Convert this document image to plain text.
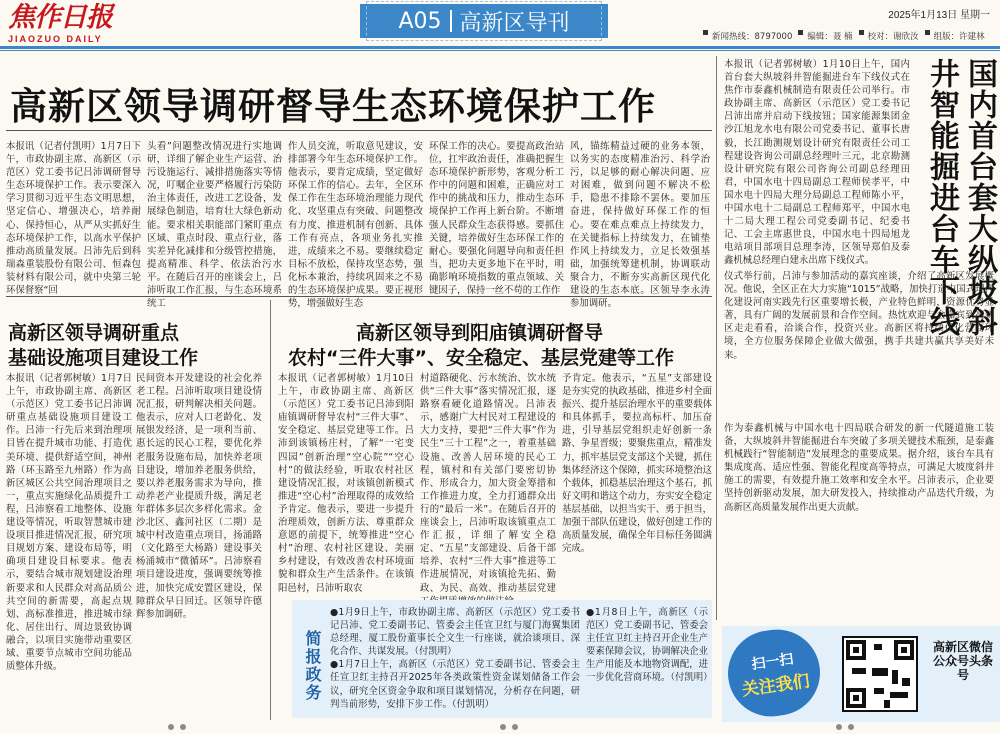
焦作日报
JIAOZUO DAILY
A05 高新区导刊	2025年1月13日 星期一
新闻热线：8797000 编辑：聂 楠 校对：谢欣汝 组版：许建林
高新区领导调研督导生态环境保护工作
本报讯（记者付凯明）1月7日下午，市政协副主席、高新区（示范区）党工委书记吕沛调研督导生态环境保护工作。表示要深入学习贯彻习近平生态文明思想，坚定信心、增强决心，培养耐心、保持恒心，从严从实抓好生态环境保护工作，以高水平保护推动高质量发展。吕沛先后到科瑞森重装股份有限公司、恒森包装材料有限公司，就中央第三轮环保督察“回
头看”问题整改情况进行实地调研，详细了解企业生产运营、治污设施运行、减排措施落实等情况，叮嘱企业要严格履行污染防治主体责任，改进工艺设备，发展绿色制造，培育壮大绿色新动能。要求相关职能部门紧盯重点区域、重点时段、重点行业，落实差异化减排和分级管控措施，提高精准、科学、依法治污水平。在随后召开的座谈会上，吕沛听取工作汇报，与生态环境系统工
作人员交流，听取意见建议，安排部署今年生态环境保护工作。他表示，要肯定成绩，坚定做好环保工作的信心。去年，全区环保工作在生态环境治理能力现代化、攻坚重点有突破、问题整改有力度、推进机制有创新、具体工作有亮点，各项业务扎实推进，成绩来之不易。要继续稳定目标不放松，保持攻坚态势，强化标本兼治，持续巩固来之不易的生态环境保护成果。要正视形势，增强做好生态
环保工作的决心。要提高政治站位，扛牢政治责任，准确把握生态环境保护新形势，客观分析工作中的问题和困难，正确应对工作中的挑战和压力，推动生态环境保护工作再上新台阶。不断增强人民群众生态获得感。要抓住关键，培养做好生态环保工作的耐心。要强化问题导向和责任担当，把功夫更多地下在平时，明确影响环境指数的重点领域、关键因子，保持一丝不苟的工作作
风，锚练精益过硬的业务本领，以务实的态度精准治污、科学治污，以足够的耐心解决问题、应对困难，做到问题不解决不松手，隐患不排除不罢休。要加压奋进，保持做好环保工作的恒心。要在难点难点上持续发力，在关键指标上持续发力，在铺垫作风上持续发力，立足长效强基础，加强统筹建机制，协调联动聚合力，不断夯实高新区现代化建设的生态本底。区领导李永涛参加调研。
本报讯（记者郭树敏）1月10日上午，国内首台套大纵坡斜井智能掘进台车下线仪式在焦作市泰鑫机械制造有限责任公司举行。市政协副主席、高新区（示范区）党工委书记吕沛出席并启动下线按钮；国家能源集团金沙江旭龙水电有限公司党委书记、董事长唐毅，长江勘测规划设计研究有限责任公司工程建设咨询公司副总经理叶三元，北京勘测设计研究院有限公司咨询公司副总经理田君，中国水电十四局副总工程师侯孝平，中国水电十四局大理分局副总工程师陈小平，中国水电十二局副总工程师郑平，中国水电十二局大理工程公司党委副书记、纪委书记、工会主席惠世良，中国水电十四局旭龙电站项目部项目总理李涛，区领导郑伯及泰鑫机械总经理白建永出席下线仪式。	国内首台套大纵坡斜
井智能掘进台车下线
仪式举行前，吕沛与参加活动的嘉宾座谈，介绍了高新区发展概况。他说，全区正在大力实施“1015”战略，加快打造中国式现代化建设河南实践先行区重要增长极，产业特色鲜明，资源优势显著，具有广阔的发展前景和合作空间。热忱欢迎与会嘉宾到高新区走走看看，洽谈合作，投资兴业。高新区将持续优化营商环境，全方位服务保障企业做大做强，携手共建共赢共享美好未来。
作为泰鑫机械与中国水电十四局联合研发的新一代隧道施工装备，大纵坡斜井智能掘进台车突破了多项关键技术瓶颈，是泰鑫机械践行“智能制造”发展理念的重要成果。据介绍，该台车具有集成度高、适应性强、智能化程度高等特点，可满足大坡度斜井施工的需要，有效提升施工效率和安全水平。吕沛表示，企业要坚持创新驱动发展，加大研发投入，持续推动产品迭代升级，为高新区高质量发展作出更大贡献。
高新区领导调研重点
基础设施项目建设工作
本报讯（记者郭树敏）1月7日上午，市政协副主席、高新区（示范区）党工委书记吕沛调研重点基础设施项目建设工作。吕沛一行先后来到治理项目皆在提升城市功能、打造优美环境、提供舒适空间，神州路（环玉路至九州路）作为高新区城区公共空间治理项目之一，重点实施绿化品质提升工程，吕沛察看工地整体、设施建设等情况，听取智慧城市建设项目推进情况汇报，研究项目规划方案、建设布局等，明确项目建设目标要求。他表示，要结合城市规划建设治理新要求和人民群众对高品质公共空间的新需要，高起点规划、高标准推进，推进城市绿化、居住出行、周边景致协调融合，以项目实施带动重要区域、重要节点城市空间功能品质整体升级。
民间资本开发建设的社会化养老工程。吕沛听取项目建设情况汇报，研判解决相关问题。他表示，应对人口老龄化、发展银发经济，是一项利当前、惠长远的民心工程，要优化养老服务设施布局，加快养老项目建设，增加养老服务供给，要以养老服务需求为导向，推动养老产业提质升级，满足老年群体多层次多样化需求。金沙北区、鑫河社区（二期）是城中村改造重点项目，扬涌路（文化路至大杨路）建设事关杨涌城市“微循环”。吕沛察看项目建设进度，强调要统筹推进，加快完成安置区建设，保障群众早日回迁。区领导许德辉参加调研。
高新区领导到阳庙镇调研督导
农村“三件大事”、安全稳定、基层党建等工作
本报讯（记者郭树敏）1月10日上午，市政协副主席、高新区（示范区）党工委书记吕沛到阳庙镇调研督导农村“三件大事”、安全稳定、基层党建等工作。吕沛到该镇杨庄村，了解“一宅变四园”创新治理“空心院”“空心村”的做法经验，听取农村社区建设情况汇报，对该镇创新模式推进“空心村”治理取得的成效给予肯定。他表示，要进一步提升治理质效，创新方法、尊重群众意愿的前提下，统筹推进“空心村”治理、农村社区建设、美丽乡村建设，有效改善农村环境面貌和群众生产生活条件。在该镇阳邑村，吕沛听取农
村道路硬化、污水统治、饮水统供“三件大事”落实情况汇报，逐路察看硬化道路情况。吕沛表示，感谢广大村民对工程建设的大力支持，要把“三件大事”作为民生“三十工程”之一，着重基础设施、改善人居环境的民心工程，镇村和有关部门要密切协作、形成合力，加大资金筹措和工作推进力度，全力打通群众出行的“最后一米”。在随后召开的座谈会上，吕沛听取该镇重点工作汇报，详细了解安全稳定、“五星”支部建设、后备干部培养、农村“三件大事”推进等工作进展情况，对该镇抢先拓、勤政、为民、高效、推动基层党建
予肯定。他表示，“五星”支部建设是夯实党的执政基础、推进乡村全面振兴、提升基层治理水平的重要载体和具体抓手，要拉高标杆、加压奋进，引导基层党组织走好创新一条路、争星晋级；要聚焦重点，精准发力，抓牢基层党支部这个关键，抓住集体经济这个保障，抓实环境整治这个载体，抓稳基层治理这个基石，抓好文明和谐这个动力，夯实安全稳定基层基础，以担当实干、勇于担当，加强干部队伍建设，做好创建工作的高质量发展，确保全年目标任务圆满完成。
政务
简报
●1月9日上午，市政协副主席、高新区（示范区）党工委书记吕沛、党工委副书记、管委会主任宣卫红与厦门海翼集团总经理、厦工股份董事长仝文生一行座谈，就洽谈项目、深化合作、共谋发展。（付凯明）
●1月7日上午，高新区（示范区）党工委副书记、管委会主任宣卫红主持召开2025年各类政策性资金谋划储备工作会议，研究全区资金争取和项目谋划情况，分析存在问题，研判当前形势，安排下步工作。（付凯明）
●1月8日上午，高新区（示范区）党工委副书记、管委会主任宣卫红主持召开企业生产要素保障会议，协调解决企业生产用能及本地物资调配，进一步优化营商环境。（付凯明）
扫一扫
关注我们
高新区微信公众号头条号
